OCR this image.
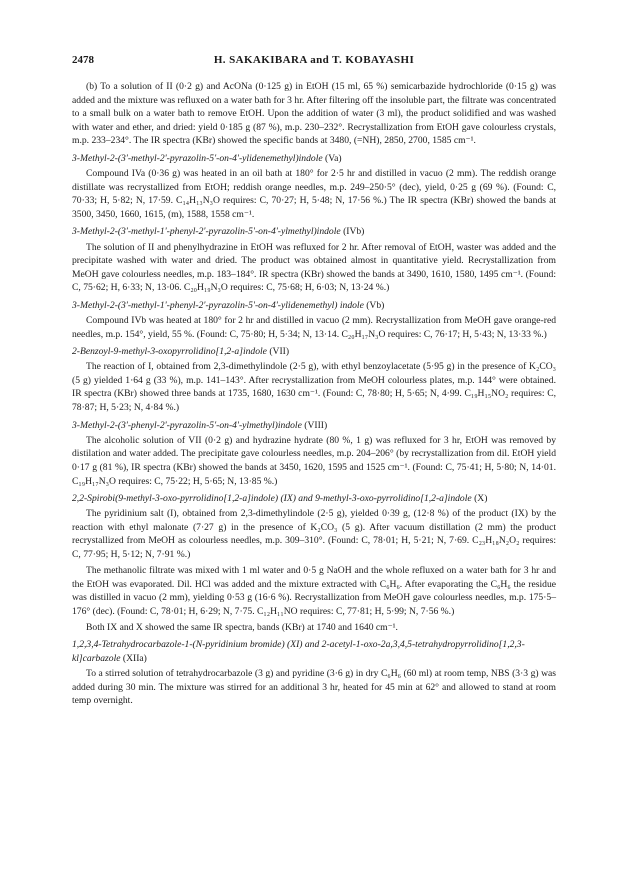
2478	H. SAKAKIBARA and T. KOBAYASHI

(b) To a solution of II (0·2 g) and AcONa (0·125 g) in EtOH (15 ml, 65 %) semicarbazide hydrochloride (0·15 g) was added and the mixture was refluxed on a water bath for 3 hr. After filtering off the insoluble part, the filtrate was concentrated to a small bulk on a water bath to remove EtOH. Upon the addition of water (3 ml), the product solidified and was washed with water and ether, and dried: yield 0·185 g (87 %), m.p. 230–232°. Recrystallization from EtOH gave colourless crystals, m.p. 233–234°. The IR spectra (KBr) showed the specific bands at 3480, (=NH), 2850, 2700, 1585 cm⁻¹.

3-Methyl-2-(3'-methyl-2'-pyrazolin-5'-on-4'-ylidenemethyl)indole (Va)

Compound IVa (0·36 g) was heated in an oil bath at 180° for 2·5 hr and distilled in vacuo (2 mm). The reddish orange distillate was recrystallized from EtOH; reddish orange needles, m.p. 249–250·5° (dec), yield, 0·25 g (69 %). (Found: C, 70·33; H, 5·82; N, 17·59. C₁₄H₁₃N₃O requires: C, 70·27; H, 5·48; N, 17·56 %.) The IR spectra (KBr) showed the bands at 3500, 3450, 1660, 1615, (m), 1588, 1558 cm⁻¹.

3-Methyl-2-(3'-methyl-1'-phenyl-2'-pyrazolin-5'-on-4'-ylmethyl)indole (IVb)

The solution of II and phenylhydrazine in EtOH was refluxed for 2 hr. After removal of EtOH, waster was added and the precipitate washed with water and dried. The product was obtained almost in quantitative yield. Recrystallization from MeOH gave colourless needles, m.p. 183–184°. IR spectra (KBr) showed the bands at 3490, 1610, 1580, 1495 cm⁻¹. (Found: C, 75·62; H, 6·33; N, 13·06. C₂₀H₁₉N₃O requires: C, 75·68; H, 6·03; N, 13·24 %.)

3-Methyl-2-(3'-methyl-1'-phenyl-2'-pyrazolin-5'-on-4'-ylidenemethyl) indole (Vb)

Compound IVb was heated at 180° for 2 hr and distilled in vacuo (2 mm). Recrystallization from MeOH gave orange-red needles, m.p. 154°, yield, 55 %. (Found: C, 75·80; H, 5·34; N, 13·14. C₂₀H₁₇N₃O requires: C, 76·17; H, 5·43; N, 13·33 %.)

2-Benzoyl-9-methyl-3-oxopyrrolidino[1,2-a]indole (VII)

The reaction of I, obtained from 2,3-dimethylindole (2·5 g), with ethyl benzoylacetate (5·95 g) in the presence of K₂CO₃ (5 g) yielded 1·64 g (33 %), m.p. 141–143°. After recrystallization from MeOH colourless plates, m.p. 144° were obtained. IR spectra (KBr) showed three bands at 1735, 1680, 1630 cm⁻¹. (Found: C, 78·80; H, 5·65; N, 4·99. C₁₉H₁₅NO₂ requires: C, 78·87; H, 5·23; N, 4·84 %.)

3-Methyl-2-(3'-phenyl-2'-pyrazolin-5'-on-4'-ylmethyl)indole (VIII)

The alcoholic solution of VII (0·2 g) and hydrazine hydrate (80 %, 1 g) was refluxed for 3 hr, EtOH was removed by distilation and water added. The precipitate gave colourless needles, m.p. 204–206° (by recrystallization from dil. EtOH yield 0·17 g (81 %), IR spectra (KBr) showed the bands at 3450, 1620, 1595 and 1525 cm⁻¹. (Found: C, 75·41; H, 5·80; N, 14·01. C₁₉H₁₇N₃O requires: C, 75·22; H, 5·65; N, 13·85 %.)

2,2-Spirobi(9-methyl-3-oxo-pyrrolidino[1,2-a]indole) (IX) and 9-methyl-3-oxo-pyrrolidino[1,2-a]indole (X)

The pyridinium salt (I), obtained from 2,3-dimethylindole (2·5 g), yielded 0·39 g, (12·8 %) of the product (IX) by the reaction with ethyl malonate (7·27 g) in the presence of K₂CO₃ (5 g). After vacuum distillation (2 mm) the product recrystallized from MeOH as colourless needles, m.p. 309–310°. (Found: C, 78·01; H, 5·21; N, 7·69. C₂₃H₁₈N₂O₂ requires: C, 77·95; H, 5·12; N, 7·91 %.)

The methanolic filtrate was mixed with 1 ml water and 0·5 g NaOH and the whole refluxed on a water bath for 3 hr and the EtOH was evaporated. Dil. HCl was added and the mixture extracted with C₆H₆. After evaporating the C₆H₆ the residue was distilled in vacuo (2 mm), yielding 0·53 g (16·6 %). Recrystallization from MeOH gave colourless needles, m.p. 175·5–176° (dec). (Found: C, 78·01; H, 6·29; N, 7·75. C₁₂H₁₁NO requires: C, 77·81; H, 5·99; N, 7·56 %.)

Both IX and X showed the same IR spectra, bands (KBr) at 1740 and 1640 cm⁻¹.

1,2,3,4-Tetrahydrocarbazole-1-(N-pyridinium bromide) (XI) and 2-acetyl-1-oxo-2a,3,4,5-tetrahydropyrrolidino[1,2,3-kl]carbazole (XIIa)

To a stirred solution of tetrahydrocarbazole (3 g) and pyridine (3·6 g) in dry C₆H₆ (60 ml) at room temp, NBS (3·3 g) was added during 30 min. The mixture was stirred for an additional 3 hr, heated for 45 min at 62° and allowed to stand at room temp overnight.
